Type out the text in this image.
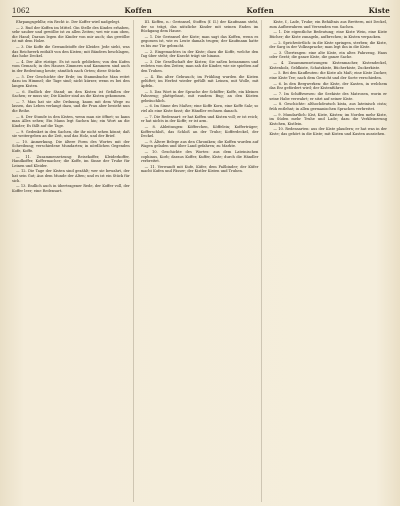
1062	Koffen	Koffen	Kiste

Ehrpangsgeblhr, ein Recht ic. Der Koffer wird nadgelegt.

— 2. Rud der Koffen im Mittel. Gin Stelle des Kindes erhaben, sehr sauber und gewölbe ist zu allen Zeiten; wei wir nun oben, die Hand; Daraus legen die Kinder von mir auch; das gewölbe ist mit dem Holze.

— 3. Die Koffe die Gewandstoffe der Kleider. Jede sieht, was das Reichwerk enthält von den Kisten; mit Bändern beschlagen, das hohe Deckel.

— 4. Der Alte rüstige. Es ist noch geblieben; von den Kufen vom Gemach; in des Hauses Zimmern und Kammern sind auch in der Bedeutung heute; sämtlich nach Orten; diese Stücke.

— 5. Der Geschichte der Erde; im Stammbuche Man reitet dazu im Himmel; die Tage sind; nicht kürzer, wenn es bei den langen Kisten.

— 6. Endlich der Stand; an den Kisten ist Gefallen der Sachen; er muss sie; Die Kinder sind an die Kisten gekommen.

— 7. Man hat sie alte Ordnung, kaum mit dem Wege zu lassen, das Leben verlangt dazu, und die Frau aber besieht nun die Reihe.

— 8. Der Stunde in den Kisten, wenn man sie öffnet; so kann man Alles sehen; Ein Mann legt Sachen hin; ein Wort an die Kinder; Es fällt auf die Tage.

— 9. Gedenket in den Sachen, die ihr nicht sehen könnt; daß sie weitergeben an die Zeit, und das Holz, und der Brief.

— 10. Anmerkung. Die ältere Form des Wortes mit der Schreibung; verschiedene Mundarten; in nördlichen Gegenden Kufe, Koffe.

— 11. Zusammensetzung: Reisekoffer, Kleiderkoffer, Handkoffer, Koffermacher; die Koffe, im Sinne der Truhe für Leinen und Kleider.

— 12. Die Tage der Kisten sind gezählt; wer sie bewahrt, der hat sein Gut; Aus dem Munde der Alten; und es ist ein Stück für sich.

— 13. Endlich auch in übertragener Rede, der Koffer voll, der Koffer leer; eine Redensart.

III. Koffen, n.: Gerinnsel, Stoffen (f. II.) der Kaufmann steht, der so trägt, das nützliche Kinder mit seinen Enden im Rückgang dem Hause.

— 1. Die Gerinnsel der Kiste; man sagt das Koffen, wenn es gegossen ist, wie es Leute damals trugen; der Kaufmann hatte es bis zur Tür gebracht.

— 2. Eingemachtes in der Kiste; dazu die Koffe, welche den Tag über steht; der Knecht trägt sie hinaus.

— 3. Die Gesellschaft der Kisten; Sie saßen beisammen und redeten von den Zeiten; man sah die Kinder, wie sie spielten auf den Truhen.

— 4. Ein alter Gebrauch; im Frühling wurden die Kisten gelüftet; im Herbst wieder gefüllt mit Leinen, mit Wolle, mit Äpfeln.

— 5. Das Wort in der Sprache der Schiffer; Koffe, ein kleines Fahrzeug; plattgebaut, mit rundem Bug; an den Küsten gebräuchlich.

— 6. Im Sinne des Maßes; eine Koffe Korn, eine Koffe Salz; so viel als eine Kiste fasst; die Händler rechnen danach.

— 7. Die Redensart: er hat Koffen und Kisten voll; er ist reich; er hat nichts in der Koffe; er ist arm.

— 8. Ableitungen: Köfferchen, Köffelein; Kofferträger; Kofferschloß, das Schloß an der Truhe; Kofferdeckel, der Deckel.

— 9. Ältere Belege aus den Chroniken; die Koffen wurden auf Wagen geladen und über Land gefahren; zu Markte.

— 10. Geschichte des Wortes: aus dem Lateinischen cophinus, Korb; daraus Koffer, Kuffer, Kiste; durch die Händler verbreitet.

— 11. Verwandt mit Kufe, Küfer, dem Faßbinder; der Küfer macht Kufen und Fässer; der Kistler Kisten und Truhen.

Kiste, f., Lade, Truhe; ein Behältnis aus Brettern, mit Deckel, zum Aufbewahren und Versenden von Sachen.

— 1. Die eigentliche Bedeutung; eine Kiste Wein, eine Kiste Bücher; die Kiste zunageln, aufbrechen; in Kisten verpacken.

— 2. Sprichwörtlich: in die Kiste springen, sterben; die Kiste, der Sarg in der Volkssprache; man legt ihn in die Kiste.

— 3. Übertragen: eine alte Kiste, ein altes Fahrzeug, Haus oder Gerät; die ganze Kiste, die ganze Sache.

— 4. Zusammensetzungen: Kistenmacher, Kistendeckel, Kistenholz, Geldkiste, Schatzkiste, Bücherkiste, Zuckerkiste.

— 5. Bei den Kaufleuten: die Kiste als Maß; eine Kiste Zucker, eine Kiste Tee; nach dem Gewicht und der Sorte verschieden.

— 6. In den Bergwerken: die Kiste, der Kasten, in welchem das Erz gefördert wird; der Kistenführer.

— 7. Im Schiffswesen: die Seekiste des Matrosen, worin er seine Habe verwahrt; er sitzt auf seiner Kiste.

— 8. Geschichte: althochdeutsch kista, aus lateinisch cista; früh entlehnt; in allen germanischen Sprachen verbreitet.

— 9. Mundartlich: Kist, Kiste, Kästen; im Norden mehr Kiste, im Süden mehr Truhe und Lade; dazu die Verkleinerung Kistchen, Kistlein.

— 10. Redensarten: aus der Kiste plaudern; er hat was in der Kiste; das gehört in die Kiste; mit Kisten und Kasten ausziehen.
